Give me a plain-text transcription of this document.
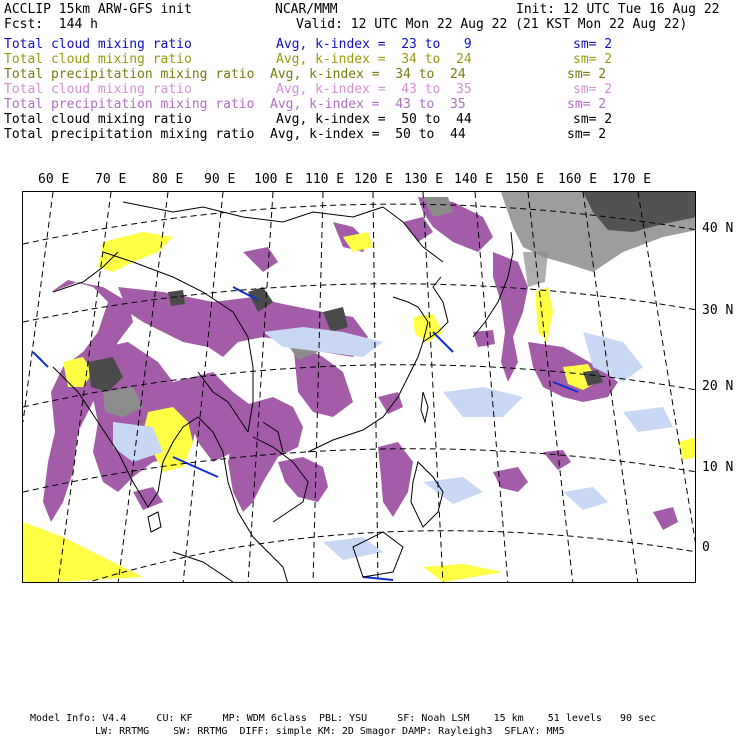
ACCLIP 15km ARW-GFS init	NCAR/MMM	Init: 12 UTC Tue 16 Aug 22
Fcst:  144 h	Valid: 12 UTC Mon 22 Aug 22 (21 KST Mon 22 Aug 22)
Total cloud mixing ratio	Avg, k-index =  23 to   9	sm= 2
Total cloud mixing ratio	Avg, k-index =  34 to  24	sm= 2
Total precipitation mixing ratio Avg, k-index =  34 to  24	sm= 2
Total cloud mixing ratio	Avg, k-index =  43 to  35	sm= 2
Total precipitation mixing ratio Avg, k-index =  43 to  35	sm= 2
Total cloud mixing ratio	Avg, k-index =  50 to  44	sm= 2
Total precipitation mixing ratio Avg, k-index =  50 to  44	sm= 2
60 E 70 E 80 E 90 E 100 E 110 E 120 E 130 E 140 E 150 E 160 E 170 E
40 N
30 N
20 N
10 N
0
Model Info: V4.4     CU: KF     MP: WDM 6class  PBL: YSU     SF: Noah LSM    15 km    51 levels   90 sec
LW: RRTMG    SW: RRTMG  DIFF: simple KM: 2D Smagor DAMP: Rayleigh3  SFLAY: MM5
